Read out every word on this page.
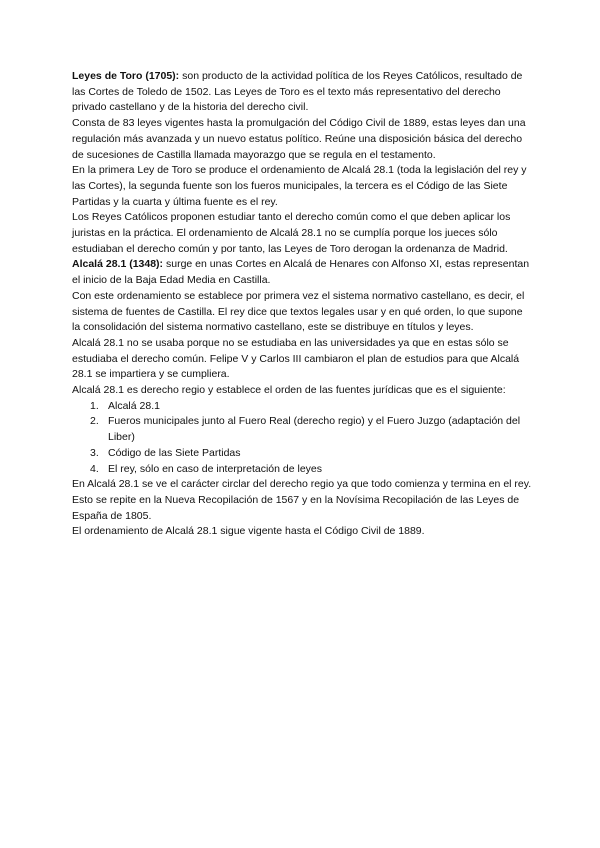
Leyes de Toro (1705): son producto de la actividad política de los Reyes Católicos, resultado de las Cortes de Toledo de 1502. Las Leyes de Toro es el texto más representativo del derecho privado castellano y de la historia del derecho civil.

Consta de 83 leyes vigentes hasta la promulgación del Código Civil de 1889, estas leyes dan una regulación más avanzada y un nuevo estatus político. Reúne una disposición básica del derecho de sucesiones de Castilla llamada mayorazgo que se regula en el testamento.

En la primera Ley de Toro se produce el ordenamiento de Alcalá 28.1 (toda la legislación del rey y las Cortes), la segunda fuente son los fueros municipales, la tercera es el Código de las Siete Partidas y la cuarta y última fuente es el rey.

Los Reyes Católicos proponen estudiar tanto el derecho común como el que deben aplicar los juristas en la práctica. El ordenamiento de Alcalá 28.1 no se cumplía porque los jueces sólo estudiaban el derecho común y por tanto, las Leyes de Toro derogan la ordenanza de Madrid.

Alcalá 28.1 (1348): surge en unas Cortes en Alcalá de Henares con Alfonso XI, estas representan el inicio de la Baja Edad Media en Castilla.

Con este ordenamiento se establece por primera vez el sistema normativo castellano, es decir, el sistema de fuentes de Castilla. El rey dice que textos legales usar y en qué orden, lo que supone la consolidación del sistema normativo castellano, este se distribuye en títulos y leyes.

Alcalá 28.1 no se usaba porque no se estudiaba en las universidades ya que en estas sólo se estudiaba el derecho común. Felipe V y Carlos III cambiaron el plan de estudios para que Alcalá 28.1 se impartiera y se cumpliera.

Alcalá 28.1 es derecho regio y establece el orden de las fuentes jurídicas que es el siguiente:

1. Alcalá 28.1
2. Fueros municipales junto al Fuero Real (derecho regio) y el Fuero Juzgo (adaptación del Liber)
3. Código de las Siete Partidas
4. El rey, sólo en caso de interpretación de leyes

En Alcalá 28.1 se ve el carácter circlar del derecho regio ya que todo comienza y termina en el rey. Esto se repite en la Nueva Recopilación de 1567 y en la Novísima Recopilación de las Leyes de España de 1805.

El ordenamiento de Alcalá 28.1 sigue vigente hasta el Código Civil de 1889.
